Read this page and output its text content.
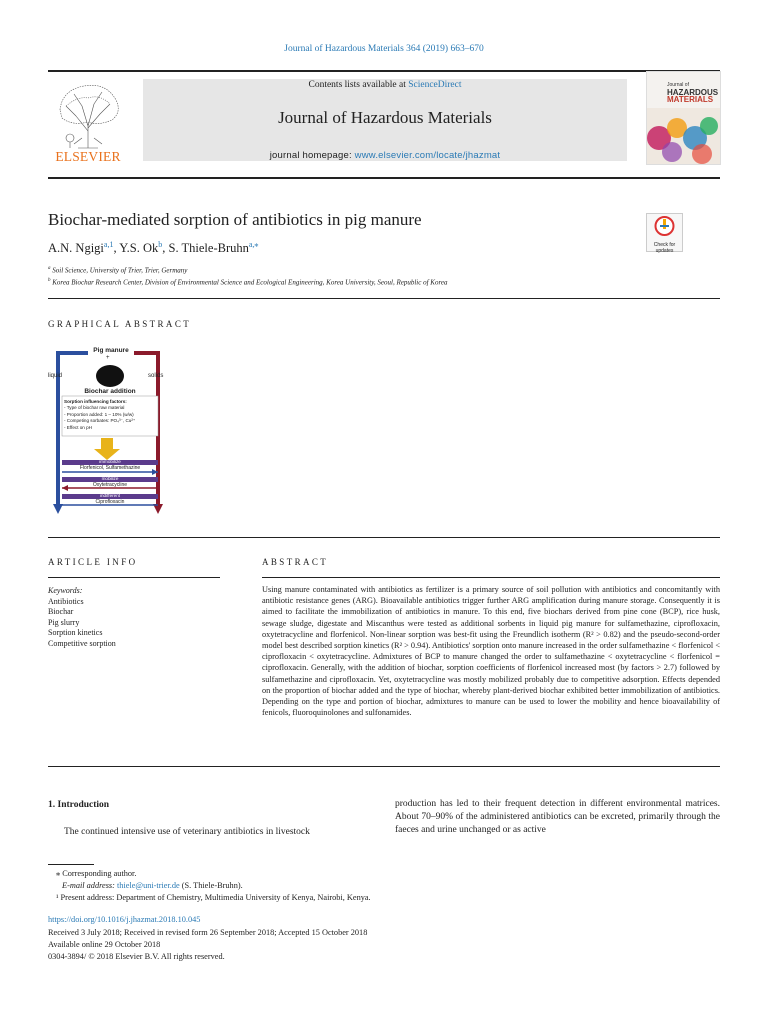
Journal of Hazardous Materials 364 (2019) 663–670
ELSEVIER
Contents lists available at ScienceDirect
Journal of Hazardous Materials
journal homepage: www.elsevier.com/locate/jhazmat
Journal of
HAZARDOUS
MATERIALS
Biochar-mediated sorption of antibiotics in pig manure
A.N. Ngigi$^{a,1}$, Y.S. Ok$^b$, S. Thiele-Bruhn$^{a,⁎}$
$^a$ Soil Science, University of Trier, Trier, Germany
$^b$ Korea Biochar Research Center, Division of Environmental Science and Ecological Engineering, Korea University, Seoul, Republic of Korea
Check for updates
GRAPHICAL ABSTRACT
Pig manure
+
liquid	solids
Biochar addition
Sorption influencing factors:
- Type of biochar raw material
- Proportion added: 1 – 10% (w/w)
- Competing sorbates: PO₄³⁻, Cu²⁺
- Effect on pH
immobilize
Florfenicol, Sulfamethazine
mobilize
Oxytetracycline
indifferent
Ciprofloxacin
ARTICLE INFO
Keywords:
Antibiotics
Biochar
Pig slurry
Sorption kinetics
Competitive sorption
ABSTRACT
Using manure contaminated with antibiotics as fertilizer is a primary source of soil pollution with antibiotics and concomitantly with antibiotic resistance genes (ARG). Bioavailable antibiotics trigger further ARG amplification during manure storage. Consequently it is aimed to facilitate the immobilization of antibiotics in manure. To this end, five biochars derived from pine cone (BCP), rice husk, sewage sludge, digestate and Miscanthus were tested as additional sorbents in liquid pig manure for sulfamethazine, ciprofloxacin, oxytetracycline and florfenicol. Non-linear sorption was best-fit using the Freundlich isotherm (R² > 0.82) and the pseudo-second-order model best described sorption kinetics (R² > 0.94). Antibiotics' sorption onto manure increased in the order sulfamethazine < florfenicol < ciprofloxacin < oxytetracycline. Admixtures of BCP to manure changed the order to sulfamethazine < oxytetracycline < florfenicol = ciprofloxacin. Generally, with the addition of biochar, sorption coefficients of florfenicol increased most (by factors > 2.7) followed by sulfamethazine and ciprofloxacin. Yet, oxytetracycline was mostly mobilized probably due to competitive adsorption. Effects depended on the proportion of biochar added and the type of biochar, whereby plant-derived biochar exhibited better immobilization of antibiotics. Depending on the type and portion of biochar, admixtures to manure can be used to lower the mobility and hence bioavailability of fenicols, fluoroquinolones and sulfonamides.
1. Introduction
The continued intensive use of veterinary antibiotics in livestock
production has led to their frequent detection in different environmental matrices. About 70–90% of the administered antibiotics can be excreted, primarily through the faeces and urine unchanged or as active
⁎ Corresponding author.
E-mail address: thiele@uni-trier.de (S. Thiele-Bruhn).
¹ Present address: Department of Chemistry, Multimedia University of Kenya, Nairobi, Kenya.
https://doi.org/10.1016/j.jhazmat.2018.10.045
Received 3 July 2018; Received in revised form 26 September 2018; Accepted 15 October 2018
Available online 29 October 2018
0304-3894/ © 2018 Elsevier B.V. All rights reserved.
